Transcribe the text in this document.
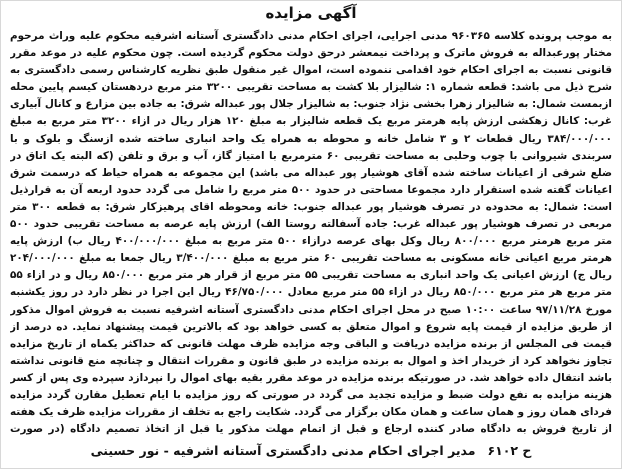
آگهی مزایده
به موجب پرونده کلاسه ۹۶۰۳۶۵ مدنی اجرایی، اجرای احکام مدنی دادگستری آستانه اشرفیه محکوم علیه وراث مرحوم مختار پورعبداله به فروش ماترک و پرداخت نیمعشر درحق دولت محکوم گردیده است. چون محکوم علیه در موعد مقرر قانونی نسبت به اجرای احکام خود اقدامی ننموده است، اموال غیر منقول طبق نظریه کارشناس رسمی دادگستری به شرح ذیل می باشد: قطعه شماره ۱: شالیزار بلا کشت به مساحت تقریبی ۳۲۰۰ متر مربع دردهستان کیسم پایین محله ازبمست شمال: به شالیزار زهرا بخشی نژاد جنوب: به شالیزار جلال پور عبداله شرق: به جاده بین مزارع و کانال آبیاری غرب: کانال زهکشی ارزش پایه هرمتر مربع یک قطعه شالیزار به مبلغ ۱۲۰ هزار ریال در ازاء ۳۲۰۰ متر مربع به مبلغ ۳۸۴/۰۰۰/۰۰۰ ریال قطعات ۲ و ۳ شامل خانه و محوطه به همراه یک واحد انباری ساخته شده ازسنگ و بلوک و با سربندی شیروانی با چوب وحلبی به مساحت تقریبی ۶۰ مترمربع با امتیاز گاز، آب و برق و تلفن (که البته یک اتاق در ضلع شرقی از اعیانات ساخته شده آقای هوشیار پور عبداله می باشد) این مجموعه به همراه حیاط که درسمت شرق اعیانات گفته شده استقرار دارد مجموعا مساحتی در حدود ۵۰۰ متر مربع را شامل می گردد حدود اربعه آن به قرارذیل است: شمال: به محدوده در تصرف هوشیار پور عبداله جنوب: خانه ومحوطه اقای پرهیزکار شرق: به قطعه ۳۰۰ متر مربعی در تصرف هوشیار پور عبداله غرب: جاده آسفالته روستا الف) ارزش پایه عرصه به مساحت تقریبی حدود ۵۰۰ متر مربع هرمتر مربع ۸۰۰/۰۰۰ ریال وکل بهای عرصه درازاء ۵۰۰ متر مربع به مبلغ ۴۰۰/۰۰۰/۰۰۰ ریال ب) ارزش پایه هرمتر مربع اعیانی خانه مسکونی به مساحت تقریبی ۶۰ متر مربع به مبلغ ۳/۴۰۰/۰۰۰ ریال جمعا به مبلغ ۲۰۴/۰۰۰/۰۰۰ ریال ج) ارزش اعیانی یک واحد انباری به مساحت تقریبی ۵۵ متر مربع از قرار هر متر مربع ۸۵۰/۰۰۰ ریال و در ازاء ۵۵ متر مربع هر متر مربع ۸۵۰/۰۰۰ ریال در ازاء ۵۵ متر مربع معادل ۴۶/۷۵۰/۰۰۰ ریال این اجرا در نظر دارد در روز یکشنبه مورخ ۹۷/۱۱/۲۸ ساعت ۱۰:۰۰ صبح در محل اجرای احکام مدنی دادگستری آستانه اشرفیه نسبت به فروش اموال مذکور از طریق مزایده از قیمت پایه شروع و اموال متعلق به کسی خواهد بود که بالاترین قیمت پیشنهاد نماید. ده درصد از قیمت فی المجلس از برنده مزایده دریافت و الباقی وجه مزایده ظرف مهلت قانونی که حداکثر یکماه از تاریخ مزایده تجاوز نخواهد کرد از خریدار اخذ و اموال به برنده مزایده در طبق قانون و مقررات انتقال و چنانچه منع قانونی نداشته باشد انتقال داده خواهد شد. در صورتیکه برنده مزایده در موعد مقرر بقیه بهای اموال را نپردازد سپرده وی پس از کسر هزینه مزایده به نفع دولت ضبط و مزایده تجدید می گردد در صورتی که روز مزایده با ایام تعطیل مقارن گردد مزایده فردای همان روز و همان ساعت و همان مکان برگزار می گردد. شکایت راجع به تخلف از مقررات مزایده ظرف یک هفته از تاریخ فروش به دادگاه صادر کننده ارجاع و قبل از اتمام مهلت مذکور یا قبل از اتخاذ تصمیم دادگاه (در صورت
ح ۶۱۰۲مدیر اجرای احکام مدنی دادگستری آستانه اشرفیه - نور حسینی
